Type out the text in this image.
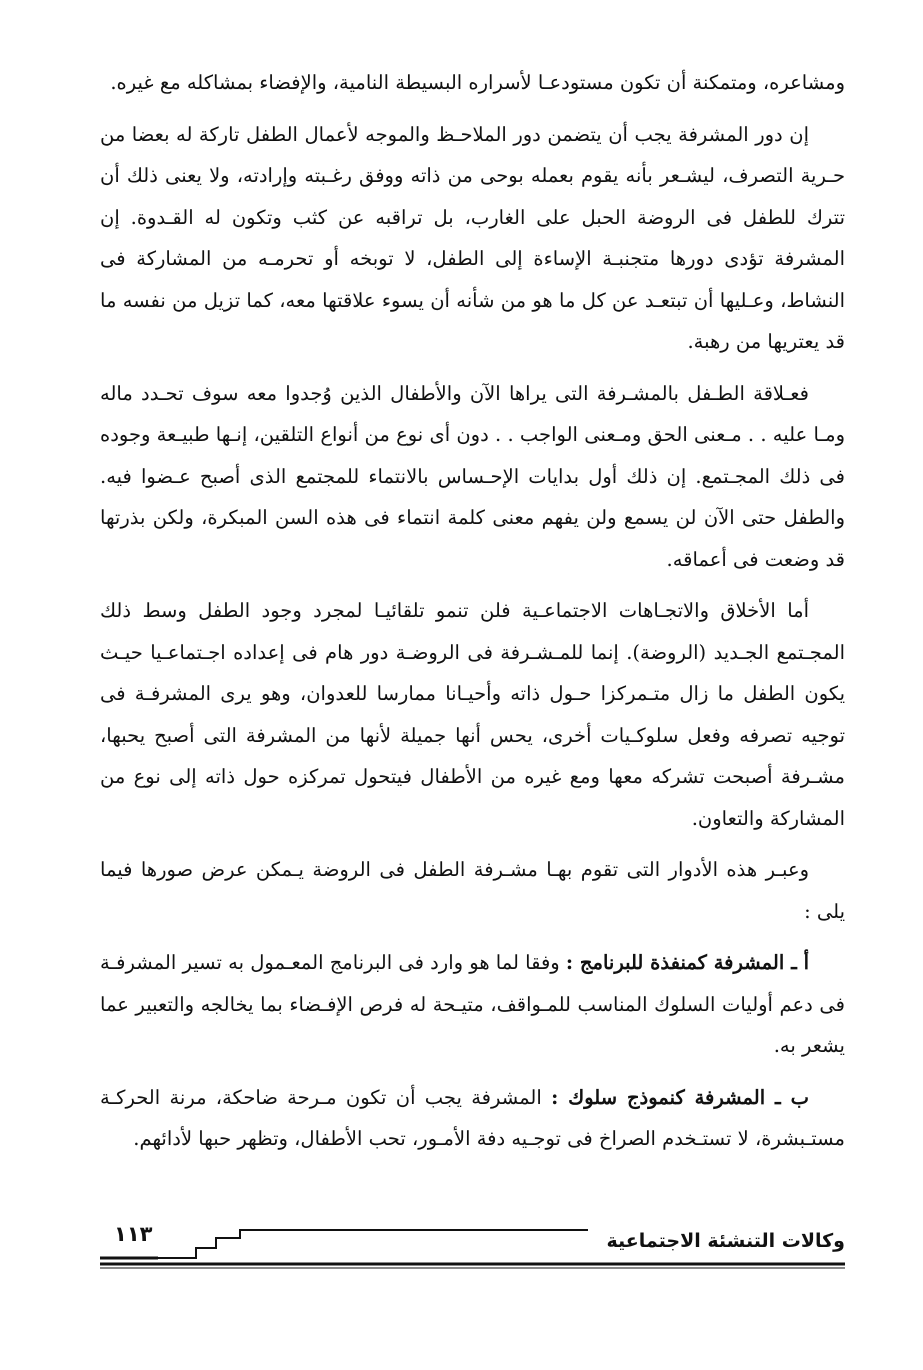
ومشاعره، ومتمكنة أن تكون مستودعـا لأسراره البسيطة النامية، والإفضاء بمشاكله مع غيره.

إن دور المشرفة يجب أن يتضمن دور الملاحـظ والموجه لأعمال الطفل تاركة له بعضا من حـرية التصرف، ليشـعر بأنه يقوم بعمله بوحى من ذاته ووفق رغـبته وإرادته، ولا يعنى ذلك أن تترك للطفل فى الروضة الحبل على الغارب، بل تراقبه عن كثب وتكون له القـدوة. إن المشرفة تؤدى دورها متجنبـة الإساءة إلى الطفل، لا توبخه أو تحرمـه من المشاركة فى النشاط، وعـليها أن تبتعـد عن كل ما هو من شأنه أن يسوء علاقتها معه، كما تزيل من نفسه ما قد يعتريها من رهبة.

فعـلاقة الطـفل بالمشـرفة التى يراها الآن والأطفال الذين وُجدوا معه سوف تحـدد ماله ومـا عليه . . مـعنى الحق ومـعنى الواجب . . دون أى نوع من أنواع التلقين، إنـها طبيـعة وجوده فى ذلك المجـتمع. إن ذلك أول بدايات الإحـساس بالانتماء للمجتمع الذى أصبح عـضوا فيه. والطفل حتى الآن لن يسمع ولن يفهم معنى كلمة انتماء فى هذه السن المبكرة، ولكن بذرتها قد وضعت فى أعماقه.

أما الأخلاق والاتجـاهات الاجتماعـية فلن تنمو تلقائيـا لمجرد وجود الطفل وسط ذلك المجـتمع الجـديد (الروضة). إنما للمـشـرفة فى الروضـة دور هام فى إعداده اجـتماعـيا حيـث يكون الطفل ما زال متـمركزا حـول ذاته وأحيـانا ممارسا للعدوان، وهو يرى المشرفـة فى توجيه تصرفه وفعل سلوكـيات أخرى، يحس أنها جميلة لأنها من المشرفة التى أصبح يحبها، مشـرفة أصبحت تشركه معها ومع غيره من الأطفال فيتحول تمركزه حول ذاته إلى نوع من المشاركة والتعاون.

وعبـر هذه الأدوار التى تقوم بهـا مشـرفة الطفل فى الروضة يـمكن عرض صورها فيما يلى :

أ ـ المشرفة كمنفذة للبرنامج : وفقا لما هو وارد فى البرنامج المعـمول به تسير المشرفـة فى دعم أوليات السلوك المناسب للمـواقف، متيـحة له فرص الإفـضاء بما يخالجه والتعبير عما يشعر به.

ب ـ المشرفة كنموذج سلوك : المشرفة يجب أن تكون مـرحة ضاحكة، مرنة الحركـة مستـبشرة، لا تستـخدم الصراخ فى توجـيه دفة الأمـور، تحب الأطفال، وتظهر حبها لأدائهم.

وكالات التنشئة الاجتماعية
١١٣
